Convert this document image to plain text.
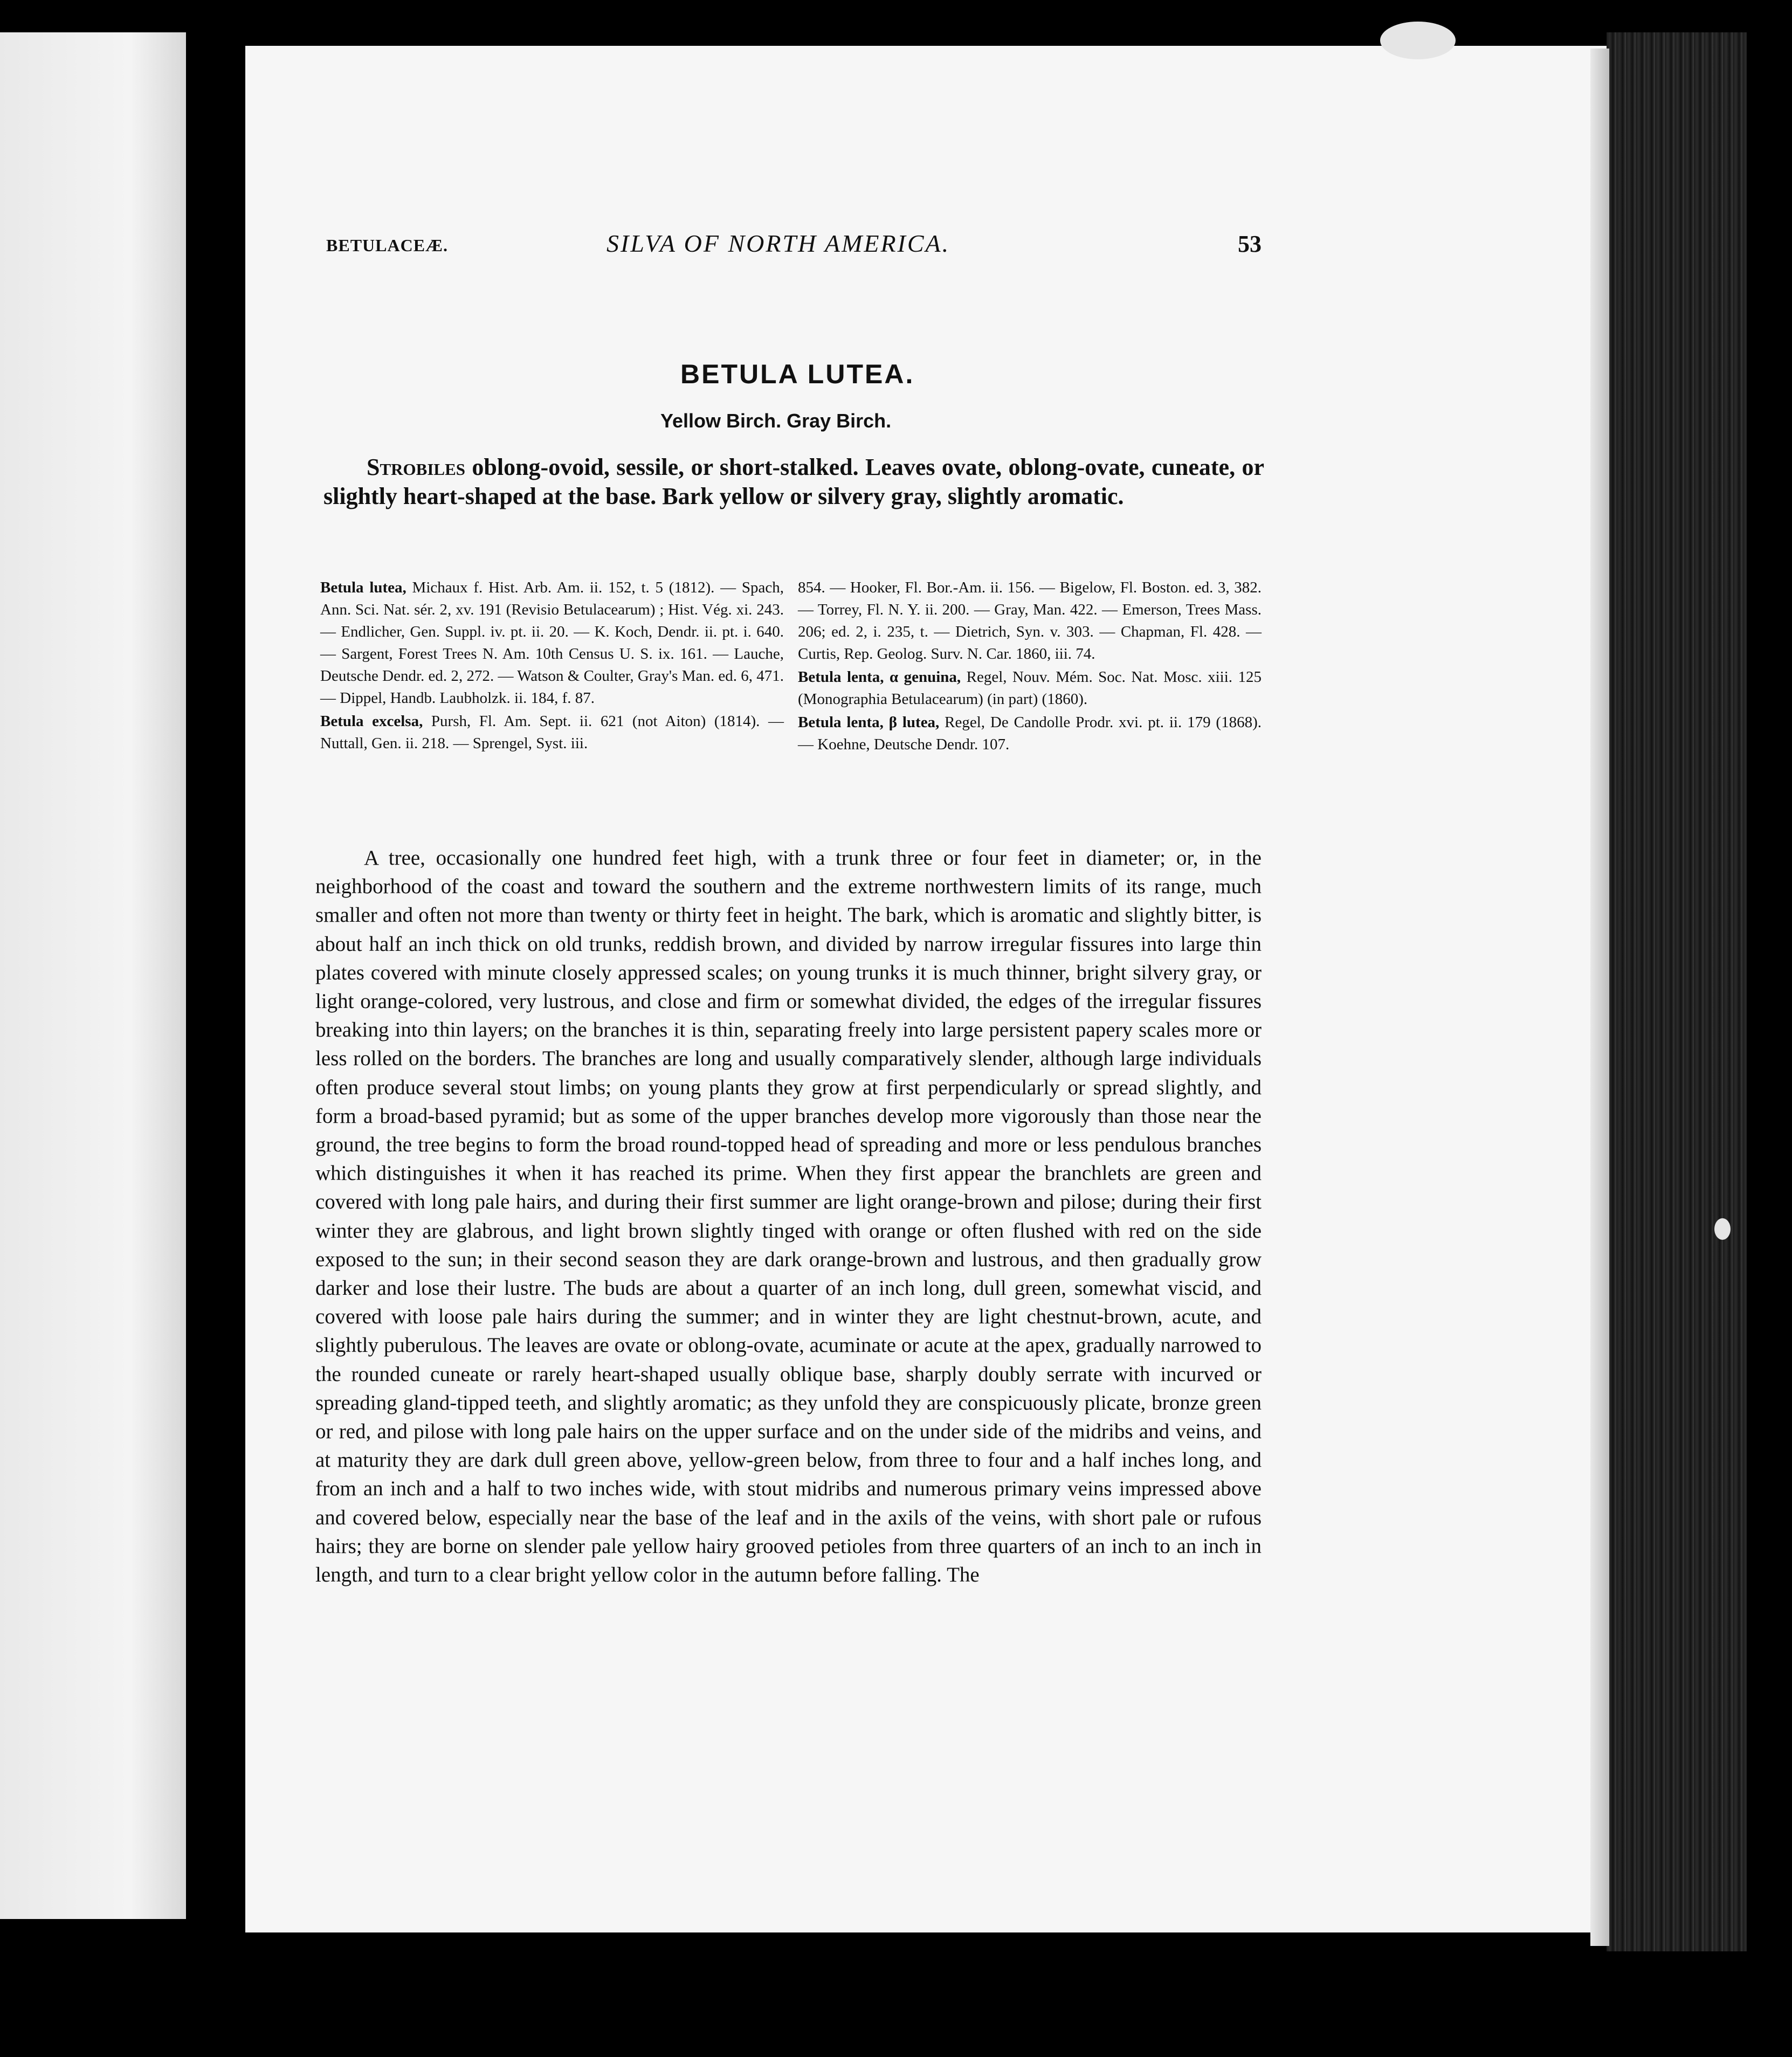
BETULACEÆ.	SILVA OF NORTH AMERICA.	53
BETULA LUTEA.
Yellow Birch. Gray Birch.
Strobiles oblong-ovoid, sessile, or short-stalked. Leaves ovate, oblong-ovate, cuneate, or slightly heart-shaped at the base. Bark yellow or silvery gray, slightly aromatic.

Betula lutea, Michaux f. Hist. Arb. Am. ii. 152, t. 5 (1812). — Spach, Ann. Sci. Nat. sér. 2, xv. 191 (Revisio Betulacearum) ; Hist. Vég. xi. 243. — Endlicher, Gen. Suppl. iv. pt. ii. 20. — K. Koch, Dendr. ii. pt. i. 640. — Sargent, Forest Trees N. Am. 10th Census U. S. ix. 161. — Lauche, Deutsche Dendr. ed. 2, 272. — Watson & Coulter, Gray's Man. ed. 6, 471. — Dippel, Handb. Laubholzk. ii. 184, f. 87.

Betula excelsa, Pursh, Fl. Am. Sept. ii. 621 (not Aiton) (1814). — Nuttall, Gen. ii. 218. — Sprengel, Syst. iii.

854. — Hooker, Fl. Bor.-Am. ii. 156. — Bigelow, Fl. Boston. ed. 3, 382. — Torrey, Fl. N. Y. ii. 200. — Gray, Man. 422. — Emerson, Trees Mass. 206; ed. 2, i. 235, t. — Dietrich, Syn. v. 303. — Chapman, Fl. 428. — Curtis, Rep. Geolog. Surv. N. Car. 1860, iii. 74.

Betula lenta, α genuina, Regel, Nouv. Mém. Soc. Nat. Mosc. xiii. 125 (Monographia Betulacearum) (in part) (1860).

Betula lenta, β lutea, Regel, De Candolle Prodr. xvi. pt. ii. 179 (1868). — Koehne, Deutsche Dendr. 107.

A tree, occasionally one hundred feet high, with a trunk three or four feet in diameter; or, in the neighborhood of the coast and toward the southern and the extreme northwestern limits of its range, much smaller and often not more than twenty or thirty feet in height. The bark, which is aromatic and slightly bitter, is about half an inch thick on old trunks, reddish brown, and divided by narrow irregular fissures into large thin plates covered with minute closely appressed scales; on young trunks it is much thinner, bright silvery gray, or light orange-colored, very lustrous, and close and firm or somewhat divided, the edges of the irregular fissures breaking into thin layers; on the branches it is thin, separating freely into large persistent papery scales more or less rolled on the borders. The branches are long and usually comparatively slender, although large individuals often produce several stout limbs; on young plants they grow at first perpendicularly or spread slightly, and form a broad-based pyramid; but as some of the upper branches develop more vigorously than those near the ground, the tree begins to form the broad round-topped head of spreading and more or less pendulous branches which distinguishes it when it has reached its prime. When they first appear the branchlets are green and covered with long pale hairs, and during their first summer are light orange-brown and pilose; during their first winter they are glabrous, and light brown slightly tinged with orange or often flushed with red on the side exposed to the sun; in their second season they are dark orange-brown and lustrous, and then gradually grow darker and lose their lustre. The buds are about a quarter of an inch long, dull green, somewhat viscid, and covered with loose pale hairs during the summer; and in winter they are light chestnut-brown, acute, and slightly puberulous. The leaves are ovate or oblong-ovate, acuminate or acute at the apex, gradually narrowed to the rounded cuneate or rarely heart-shaped usually oblique base, sharply doubly serrate with incurved or spreading gland-tipped teeth, and slightly aromatic; as they unfold they are conspicuously plicate, bronze green or red, and pilose with long pale hairs on the upper surface and on the under side of the midribs and veins, and at maturity they are dark dull green above, yellow-green below, from three to four and a half inches long, and from an inch and a half to two inches wide, with stout midribs and numerous primary veins impressed above and covered below, especially near the base of the leaf and in the axils of the veins, with short pale or rufous hairs; they are borne on slender pale yellow hairy grooved petioles from three quarters of an inch to an inch in length, and turn to a clear bright yellow color in the autumn before falling. The
